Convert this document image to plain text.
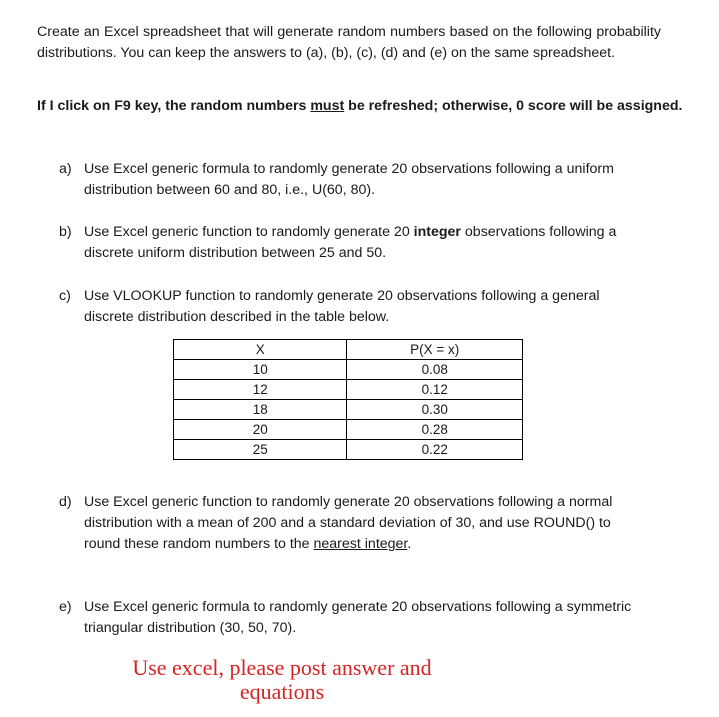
Create an Excel spreadsheet that will generate random numbers based on the following probability distributions. You can keep the answers to (a), (b), (c), (d) and (e) on the same spreadsheet.

If I click on F9 key, the random numbers must be refreshed; otherwise, 0 score will be assigned.

a) Use Excel generic formula to randomly generate 20 observations following a uniform distribution between 60 and 80, i.e., U(60, 80).
b) Use Excel generic function to randomly generate 20 integer observations following a discrete uniform distribution between 25 and 50.
c) Use VLOOKUP function to randomly generate 20 observations following a general discrete distribution described in the table below.
X	P(X = x)
10	0.08
12	0.12
18	0.30
20	0.28
25	0.22
d) Use Excel generic function to randomly generate 20 observations following a normal distribution with a mean of 200 and a standard deviation of 30, and use ROUND() to round these random numbers to the nearest integer.
e) Use Excel generic formula to randomly generate 20 observations following a symmetric triangular distribution (30, 50, 70).
Use excel, please post answer and equations
